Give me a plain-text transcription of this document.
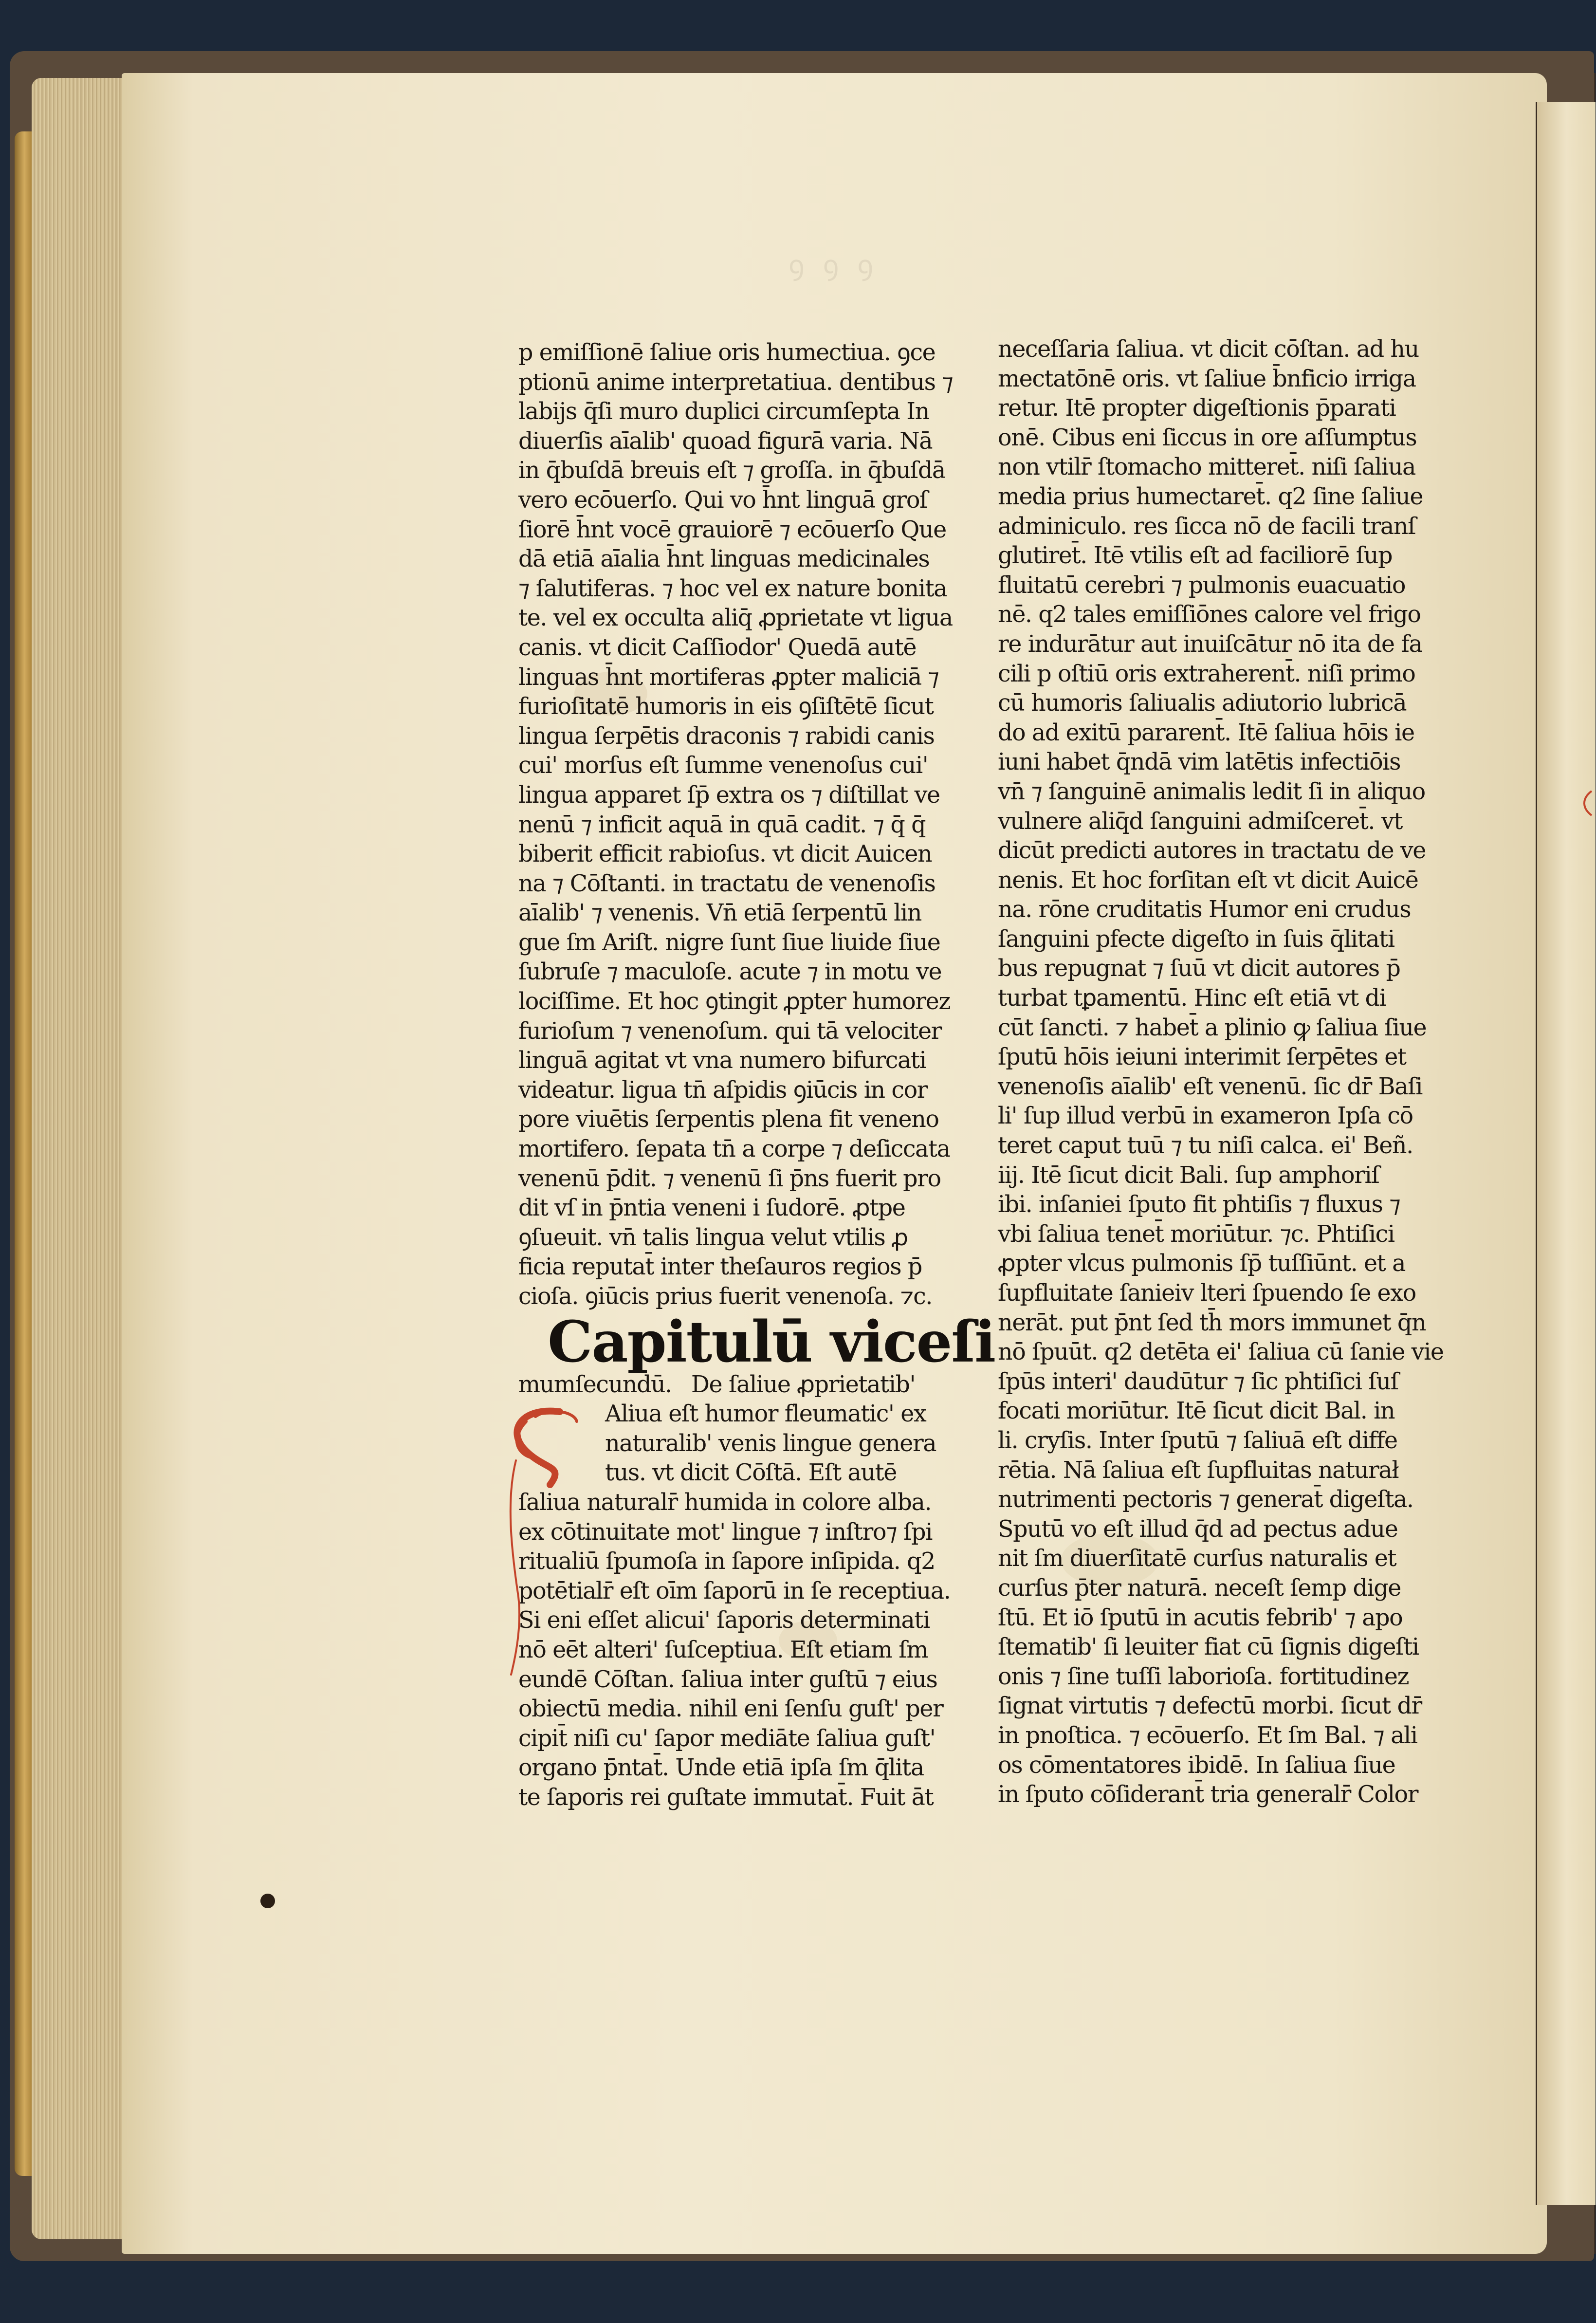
ꝯ ꝯ ꝯ
p emiſſionē ſaliue oris humectiua. ꝯce
ptionū anime interpretatiua. dentibus ⁊
labijs q̄ſi muro duplici circumſepta In
diuerſis aīalib' quoad figurā varia. Nā
in q̄buſdā breuis eſt ⁊ groſſa. in q̄buſdā
vero ecōuerſo. Qui vo h̄nt linguā groſ
ſiorē h̄nt vocē grauiorē ⁊ ecōuerſo Que
dā etiā aīalia h̄nt linguas medicinales
⁊ ſalutiferas. ⁊ hoc vel ex nature bonita
te. vel ex occulta aliq̄ ꝓprietate vt ligua
canis. vt dicit Caſſiodor' Quedā autē
linguas h̄nt mortiferas ꝓpter maliciā ⁊
furioſitatē humoris in eis ꝯſiſtētē ſicut
lingua ſerpētis draconis ⁊ rabidi canis
cui' morſus eſt ſumme venenoſus cui'
lingua apparet ſp̄ extra os ⁊ diſtillat ve
nenū ⁊ inficit aquā in quā cadit. ⁊ q̄ q̄
biberit efficit rabioſus. vt dicit Auicen
na ⁊ Cōſtanti. in tractatu de venenoſis
aīalib' ⁊ venenis. Vn̄ etiā ſerpentū lin
gue ſm Ariſt. nigre ſunt ſiue liuide ſiue
ſubruſe ⁊ maculoſe. acute ⁊ in motu ve
lociſſime. Et hoc ꝯtingit ꝓpter humorez
furioſum ⁊ venenoſum. qui tā velociter
linguā agitat vt vna numero bifurcati
videatur. ligua tn̄ aſpidis ꝯiūcis in cor
pore viuētis ſerpentis plena fit veneno
mortifero. ſepata tn̄ a corpe ⁊ deſiccata
venenū p̄dit. ⁊ venenū ſi p̄ns fuerit pro
dit vſ in p̄ntia veneni i ſudorē. ꝓtpe
ꝯſueuit. vn̄ talis lingua velut vtilis ꝓ
ficia reputat̄ inter theſauros regios p̄
cioſa. ꝯiūcis prius fuerit venenoſa. ⁊c.
Capitulū viceſi
mumſecundū. De ſaliue ꝓprietatib'
Aliua eſt humor fleumatic' ex
naturalib' venis lingue genera
tus. vt dicit Cōſtā. Eſt autē
ſaliua naturalr̄ humida in colore alba.
ex cōtinuitate mot' lingue ⁊ inſtro⁊ ſpi
ritualiū ſpumoſa in ſapore inſipida. q2
potētialr̄ eſt oīm ſaporū in ſe receptiua.
Si eni eſſet alicui' ſaporis determinati
nō eēt alteri' ſuſceptiua. Eſt etiam ſm
eundē Cōſtan. ſaliua inter guſtū ⁊ eius
obiectū media. nihil eni ſenſu guſt' per
cipit̄ niſi cu' ſapor mediāte ſaliua guſt'
organo p̄ntat̄. Unde etiā ipſa ſm q̄lita
te ſaporis rei guſtate immutat̄. Fuit āt
neceſſaria ſaliua. vt dicit cōſtan. ad hu
mectatōnē oris. vt ſaliue b̄nficio irriga
retur. Itē propter digeſtionis p̄parati
onē. Cibus eni ſiccus in ore aſſumptus
non vtilr̄ ſtomacho mitteret̄. niſi ſaliua
media prius humectaret̄. q2 ſine ſaliue
adminiculo. res ſicca nō de facili tranſ
glutiret̄. Itē vtilis eſt ad faciliorē ſup
fluitatū cerebri ⁊ pulmonis euacuatio
nē. q2 tales emiſſiōnes calore vel frigo
re indurātur aut inuiſcātur nō ita de fa
cili p oſtiū oris extraherent̄. niſi primo
cū humoris ſaliualis adiutorio lubricā
do ad exitū pararent̄. Itē ſaliua hōis ie
iuni habet q̄ndā vim latētis infectiōis
vn̄ ⁊ ſanguinē animalis ledit ſi in aliquo
vulnere aliq̄d ſanguini admiſceret̄. vt
dicūt predicti autores in tractatu de ve
nenis. Et hoc forſitan eſt vt dicit Auicē
na. rōne cruditatis Humor eni crudus
ſanguini pfecte digeſto in ſuis q̄litati
bus repugnat ⁊ ſuū vt dicit autores p̄
turbat tꝑamentū. Hinc eſt etiā vt di
cūt ſancti. ⁊ habet̄ a plinio ꝙ ſaliua ſiue
ſputū hōis ieiuni interimit ſerpētes et
venenoſis aīalib' eſt venenū. ſic dr̄ Baſi
li' ſup illud verbū in exameron Ipſa cō
teret caput tuū ⁊ tu niſi calca. ei' Beñ.
iij. Itē ſicut dicit Bali. ſup amphoriſ
ibi. inſaniei ſputo fit phtiſis ⁊ fluxus ⁊
vbi ſaliua tenet̄ moriūtur. ⁊c. Phtiſici
ꝓpter vlcus pulmonis ſp̄ tuſſiūnt. et a
ſupfluitate ſanieiv lteri ſpuendo ſe exo
nerāt. put p̄nt ſed th̄ mors immunet q̄n
nō ſpuūt. q2 detēta ei' ſaliua cū ſanie vie
ſpūs interi' daudūtur ⁊ ſic phtiſici ſuſ
focati moriūtur. Itē ſicut dicit Bal. in
li. cryſis. Inter ſputū ⁊ ſaliuā eſt diffe
rētia. Nā ſaliua eſt ſupfluitas naturał
nutrimenti pectoris ⁊ generat̄ digeſta.
Sputū vo eſt illud q̄d ad pectus adue
nit ſm diuerſitatē curſus naturalis et
curſus p̄ter naturā. neceſt ſemp dige
ſtū. Et iō ſputū in acutis febrib' ⁊ apo
ſtematib' ſi leuiter fiat cū ſignis digeſti
onis ⁊ ſine tuſſi laborioſa. fortitudinez
ſignat virtutis ⁊ defectū morbi. ſicut dr̄
in pnoſtica. ⁊ ecōuerſo. Et ſm Bal. ⁊ ali
os cōmentatores ibidē. In ſaliua ſiue
in ſputo cōſiderant̄ tria generalr̄ Color
